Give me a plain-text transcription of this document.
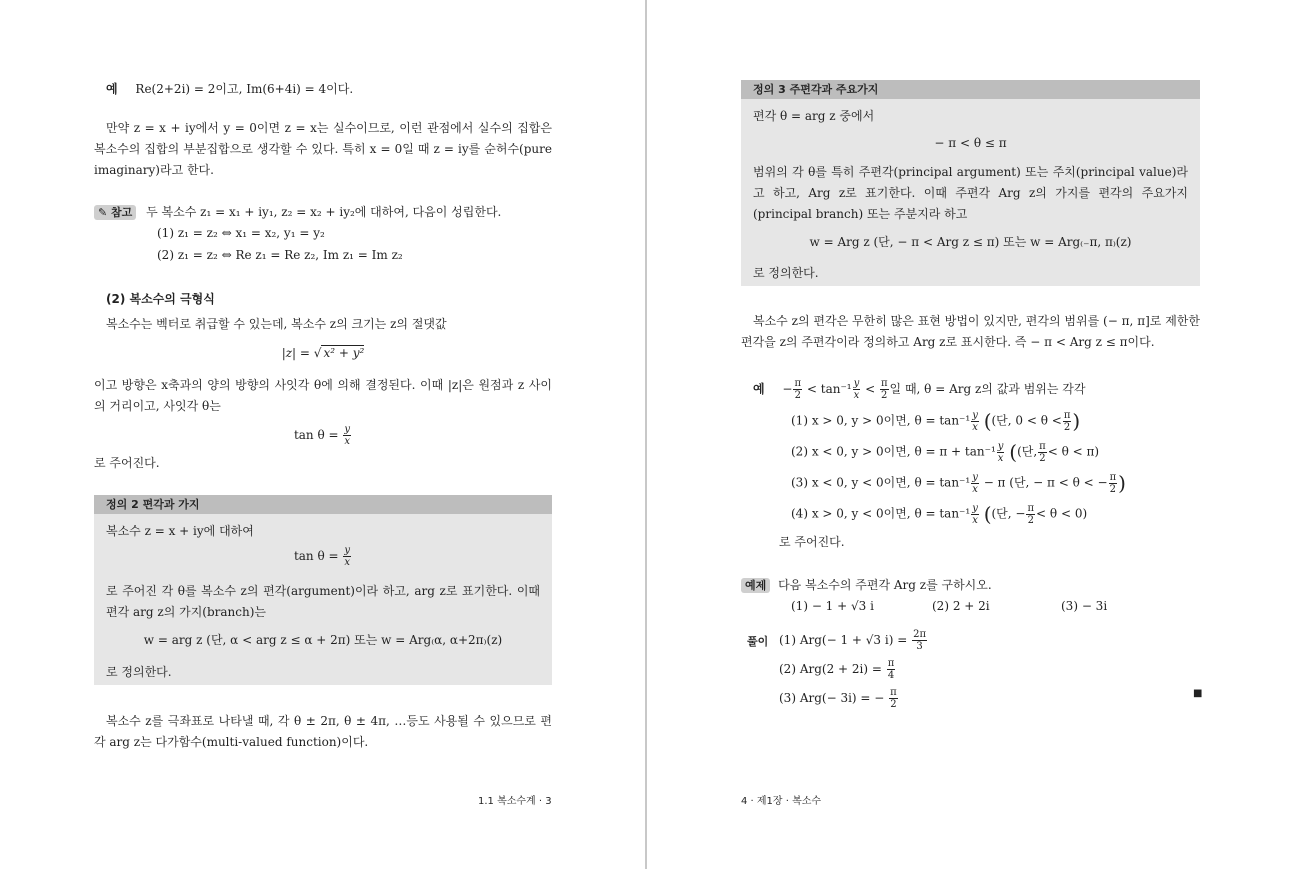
예 Re(2+2i) = 2이고, Im(6+4i) = 4이다.
만약 z = x + iy에서 y = 0이면 z = x는 실수이므로, 이런 관점에서 실수의 집합은 복소수의 집합의 부분집합으로 생각할 수 있다. 특히 x = 0일 때 z = iy를 순허수(pure imaginary)라고 한다.
✎ 참고 두 복소수 z₁ = x₁ + iy₁, z₂ = x₂ + iy₂에 대하여, 다음이 성립한다.
(1) z₁ = z₂ ⇔ x₁ = x₂, y₁ = y₂
(2) z₁ = z₂ ⇔ Re z₁ = Re z₂, Im z₁ = Im z₂
(2) 복소수의 극형식
복소수는 벡터로 취급할 수 있는데, 복소수 z의 크기는 z의 절댓값
|z| = √ x² + y²
이고 방향은 x축과의 양의 방향의 사잇각 θ에 의해 결정된다. 이때 |z|은 원점과 z 사이의 거리이고, 사잇각 θ는
$\tan \theta = \frac{y}{x}$
로 주어진다.
정의 2 편각과 가지
복소수 z = x + iy에 대하여
$\tan \theta = \frac{y}{x}$
로 주어진 각 θ를 복소수 z의 편각(argument)이라 하고, arg z로 표기한다. 이때 편각 arg z의 가지(branch)는
w = arg z (단, α < arg z ≤ α + 2π) 또는 w = Arg₍α, α+2π₎(z)
로 정의한다.
복소수 z를 극좌표로 나타낼 때, 각 θ ± 2π, θ ± 4π, …등도 사용될 수 있으므로 편각 arg z는 다가함수(multi-valued function)이다.
1.1 복소수계 · 3
정의 3 주편각과 주요가지
편각 θ = arg z 중에서
− π < θ ≤ π
범위의 각 θ를 특히 주편각(principal argument) 또는 주치(principal value)라고 하고, Arg z로 표기한다. 이때 주편각 Arg z의 가지를 편각의 주요가지(principal branch) 또는 주분지라 하고
w = Arg z (단, − π < Arg z ≤ π) 또는 w = Arg₍₋π, π₎(z)
로 정의한다.
복소수 z의 편각은 무한히 많은 표현 방법이 있지만, 편각의 범위를 (− π, π]로 제한한 편각을 z의 주편각이라 정의하고 Arg z로 표시한다. 즉 − π < Arg z ≤ π이다.
예 − $\frac{\pi}{2} < \tan^{-1} \frac{y}{x} < \frac{\pi}{2}$ 일 때, θ = Arg z의 값과 범위는 각각
(1) x > 0, y > 0이면, $\theta = \tan^{-1} \frac{y}{x}$ ((단, $0 < \theta < \frac{\pi}{2}$ )
(2) x < 0, y > 0이면, $\theta = \pi + \tan^{-1} \frac{y}{x}$ ((단, $\frac{\pi}{2} < \theta < \pi$)
(3) x < 0, y < 0이면, $\theta = \tan^{-1} \frac{y}{x} - \pi$ (단, − π < θ < − $\frac{\pi}{2}$ )
(4) x > 0, y < 0이면, $\theta = \tan^{-1} \frac{y}{x}$ ((단, − $\frac{\pi}{2} < \theta < 0$)
로 주어진다.
예제 다음 복소수의 주편각 Arg z를 구하시오.
(1) − 1 + √3 i	(2) 2 + 2i	(3) − 3i
풀이 (1) Arg(− 1 + √3 $i) = \frac{2\pi}{3}$
(2) $Arg(2 + 2i) = \frac{\pi}{4}$
(3) Arg(− 3i) = − $\frac{\pi}{2}$	■
4 · 제1장 · 복소수
